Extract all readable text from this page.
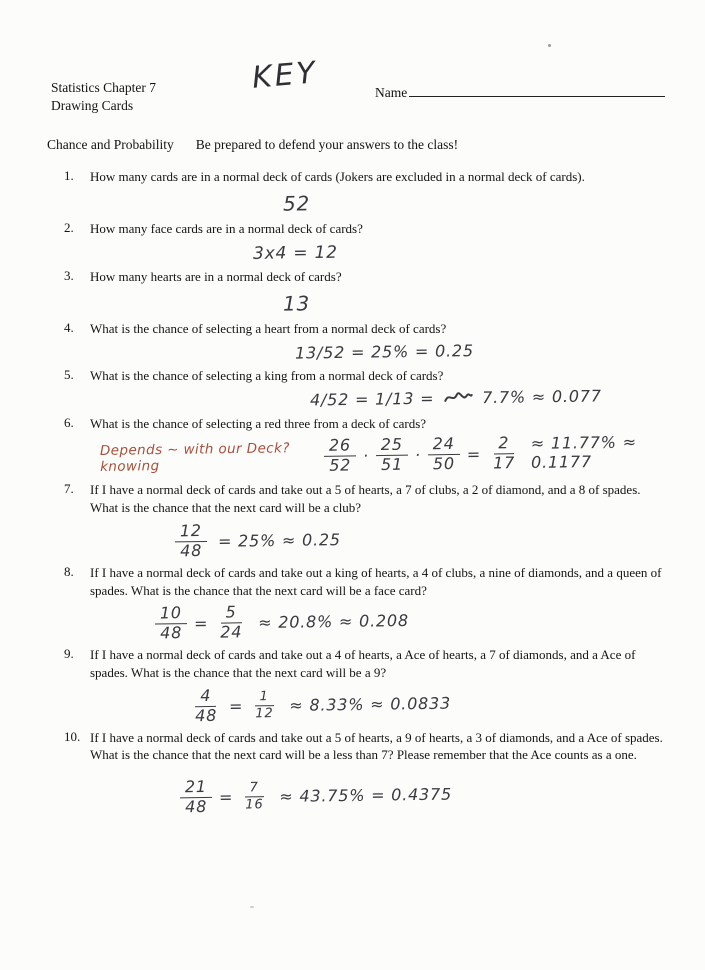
Statistics Chapter 7
Drawing Cards
KEY	Name
Chance and Probability Be prepared to defend your answers to the class!
1.	How many cards are in a normal deck of cards (Jokers are excluded in a normal deck of cards).
52
2.	How many face cards are in a normal deck of cards?
3x4 = 12
3.	How many hearts are in a normal deck of cards?
13
4.	What is the chance of selecting a heart from a normal deck of cards?
13/52 = 25% = 0.25
5.	What is the chance of selecting a king from a normal deck of cards?
4/52 = 1/13 =	7.7% ≈ 0.077
6.	What is the chance of selecting a red three from a deck of cards?
Depends ~ with our Deck? knowing	$\frac{26}{52} \cdot \frac{25}{51} \cdot \frac{24}{50} = \frac{2}{17} \approx 11.77\% \approx 0.1177$
7.	If I have a normal deck of cards and take out a 5 of hearts, a 7 of clubs, a 2 of diamond, and a 8 of spades. What is the chance that the next card will be a club?
$\frac{12}{48} = 25\% \approx 0.25$
8.	If I have a normal deck of cards and take out a king of hearts, a 4 of clubs, a nine of diamonds, and a queen of spades. What is the chance that the next card will be a face card?
$\frac{10}{48} = \frac{5}{24} \approx 20.8\% \approx 0.208$
9.	If I have a normal deck of cards and take out a 4 of hearts, a Ace of hearts, a 7 of diamonds, and a Ace of spades. What is the chance that the next card will be a 9?
$\frac{4}{48} = \frac{1}{12} \approx 8.33\% \approx 0.0833$
10. If I have a normal deck of cards and take out a 5 of hearts, a 9 of hearts, a 3 of diamonds, and a Ace of spades. What is the chance that the next card will be a less than 7? Please remember that the Ace counts as a one.
$\frac{21}{48} = \frac{7}{16} \approx 43.75\% = 0.4375$
